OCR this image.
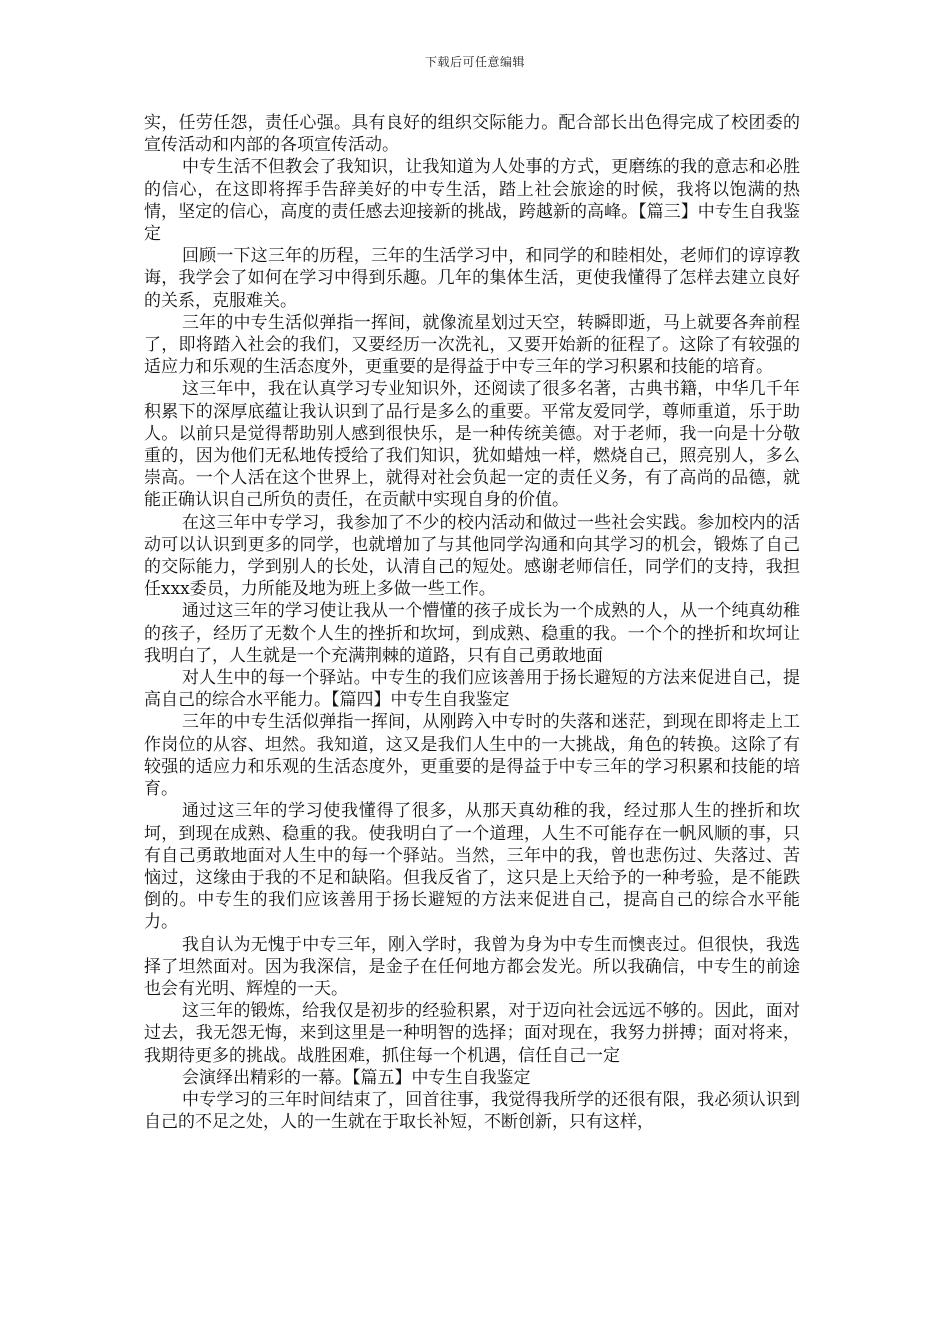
下载后可任意编辑

实，任劳任怨，责任心强。具有良好的组织交际能力。配合部长出色得完成了校团委的宣传活动和内部的各项宣传活动。

中专生活不但教会了我知识，让我知道为人处事的方式，更磨练的我的意志和必胜的信心，在这即将挥手告辞美好的中专生活，踏上社会旅途的时候，我将以饱满的热情，坚定的信心，高度的责任感去迎接新的挑战，跨越新的高峰。【篇三】中专生自我鉴定

回顾一下这三年的历程，三年的生活学习中，和同学的和睦相处，老师们的谆谆教诲，我学会了如何在学习中得到乐趣。几年的集体生活，更使我懂得了怎样去建立良好的关系，克服难关。

三年的中专生活似弹指一挥间，就像流星划过天空，转瞬即逝，马上就要各奔前程了，即将踏入社会的我们，又要经历一次洗礼，又要开始新的征程了。这除了有较强的适应力和乐观的生活态度外，更重要的是得益于中专三年的学习积累和技能的培育。

这三年中，我在认真学习专业知识外，还阅读了很多名著，古典书籍，中华几千年积累下的深厚底蕴让我认识到了品行是多么的重要。平常友爱同学，尊师重道，乐于助人。以前只是觉得帮助别人感到很快乐，是一种传统美德。对于老师，我一向是十分敬重的，因为他们无私地传授给了我们知识，犹如蜡烛一样，燃烧自己，照亮别人，多么崇高。一个人活在这个世界上，就得对社会负起一定的责任义务，有了高尚的品德，就能正确认识自己所负的责任，在贡献中实现自身的价值。

在这三年中专学习，我参加了不少的校内活动和做过一些社会实践。参加校内的活动可以认识到更多的同学，也就增加了与其他同学沟通和向其学习的机会，锻炼了自己的交际能力，学到别人的长处，认清自己的短处。感谢老师信任，同学们的支持，我担任xxx委员，力所能及地为班上多做一些工作。

通过这三年的学习使让我从一个懵懂的孩子成长为一个成熟的人，从一个纯真幼稚的孩子，经历了无数个人生的挫折和坎坷，到成熟、稳重的我。一个个的挫折和坎坷让我明白了，人生就是一个充满荆棘的道路，只有自己勇敢地面

对人生中的每一个驿站。中专生的我们应该善用于扬长避短的方法来促进自己，提高自己的综合水平能力。【篇四】中专生自我鉴定

三年的中专生活似弹指一挥间，从刚跨入中专时的失落和迷茫，到现在即将走上工作岗位的从容、坦然。我知道，这又是我们人生中的一大挑战，角色的转换。这除了有较强的适应力和乐观的生活态度外，更重要的是得益于中专三年的学习积累和技能的培育。

通过这三年的学习使我懂得了很多，从那天真幼稚的我，经过那人生的挫折和坎坷，到现在成熟、稳重的我。使我明白了一个道理，人生不可能存在一帆风顺的事，只有自己勇敢地面对人生中的每一个驿站。当然，三年中的我，曾也悲伤过、失落过、苦恼过，这缘由于我的不足和缺陷。但我反省了，这只是上天给予的一种考验，是不能跌倒的。中专生的我们应该善用于扬长避短的方法来促进自己，提高自己的综合水平能力。

我自认为无愧于中专三年，刚入学时，我曾为身为中专生而懊丧过。但很快，我选择了坦然面对。因为我深信，是金子在任何地方都会发光。所以我确信，中专生的前途也会有光明、辉煌的一天。

这三年的锻炼，给我仅是初步的经验积累，对于迈向社会远远不够的。因此，面对过去，我无怨无悔，来到这里是一种明智的选择；面对现在，我努力拼搏；面对将来，我期待更多的挑战。战胜困难，抓住每一个机遇，信任自己一定

会演绎出精彩的一幕。【篇五】中专生自我鉴定

中专学习的三年时间结束了，回首往事，我觉得我所学的还很有限，我必须认识到自己的不足之处，人的一生就在于取长补短，不断创新，只有这样，
